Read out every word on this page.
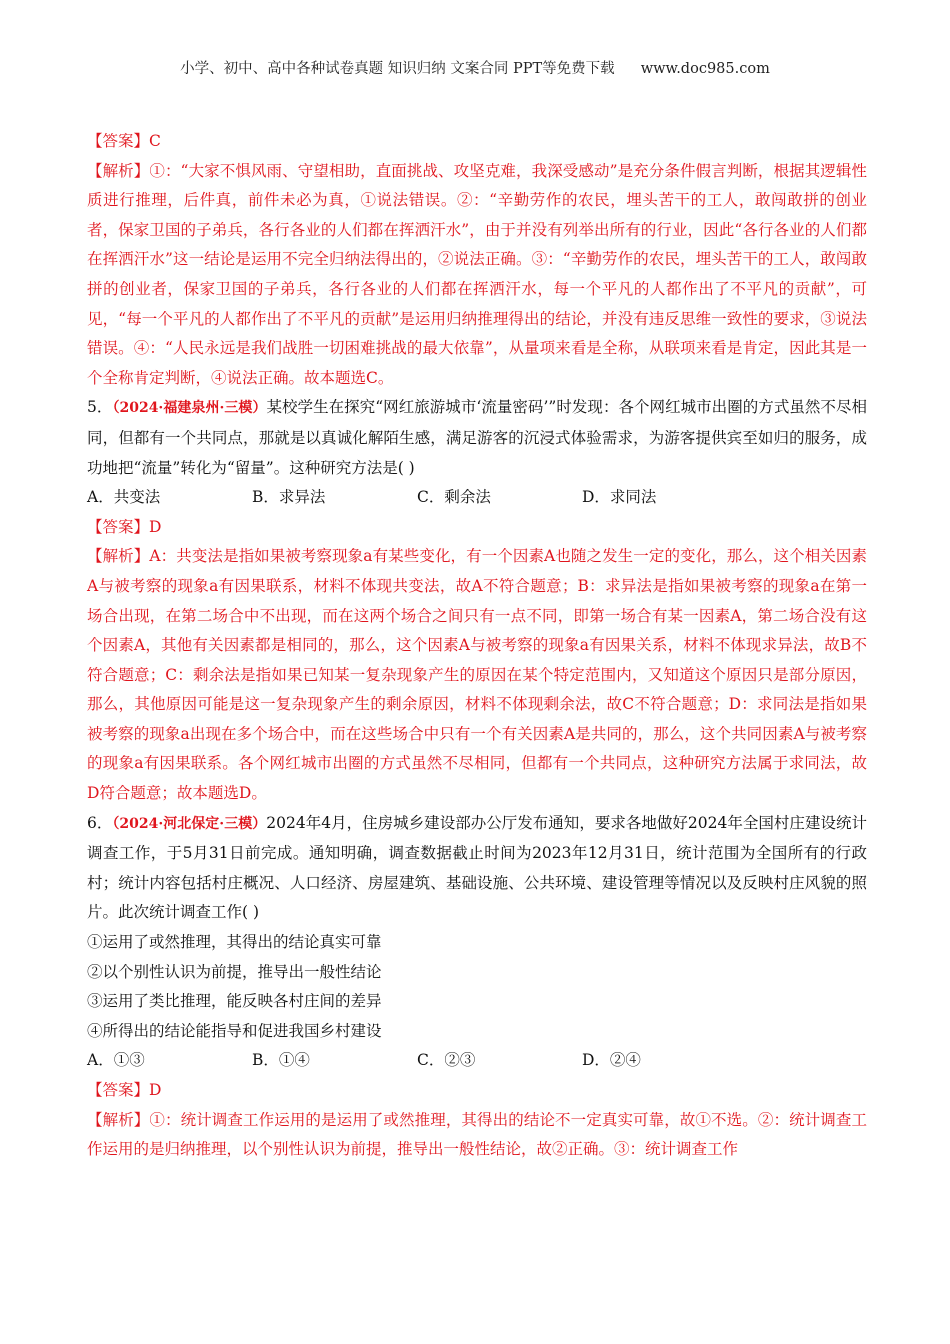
小学、初中、高中各种试卷真题 知识归纳 文案合同 PPT等免费下载 www.doc985.com

【答案】C

【解析】①：“大家不惧风雨、守望相助，直面挑战、攻坚克难，我深受感动”是充分条件假言判断，根据其逻辑性质进行推理，后件真，前件未必为真，①说法错误。②：“辛勤劳作的农民，埋头苦干的工人，敢闯敢拼的创业者，保家卫国的子弟兵，各行各业的人们都在挥洒汗水”，由于并没有列举出所有的行业，因此“各行各业的人们都在挥洒汗水”这一结论是运用不完全归纳法得出的，②说法正确。③：“辛勤劳作的农民，埋头苦干的工人，敢闯敢拼的创业者，保家卫国的子弟兵，各行各业的人们都在挥洒汗水，每一个平凡的人都作出了不平凡的贡献”，可见，“每一个平凡的人都作出了不平凡的贡献”是运用归纳推理得出的结论，并没有违反思维一致性的要求，③说法错误。④：“人民永远是我们战胜一切困难挑战的最大依靠”，从量项来看是全称，从联项来看是肯定，因此其是一个全称肯定判断，④说法正确。故本题选C。

5．（2024·福建泉州·三模）某校学生在探究“网红旅游城市‘流量密码’”时发现：各个网红城市出圈的方式虽然不尽相同，但都有一个共同点，那就是以真诚化解陌生感，满足游客的沉浸式体验需求，为游客提供宾至如归的服务，成功地把“流量”转化为“留量”。这种研究方法是( )

A．共变法	B．求异法	C．剩余法	D．求同法

【答案】D

【解析】A：共变法是指如果被考察现象a有某些变化，有一个因素A也随之发生一定的变化，那么，这个相关因素A与被考察的现象a有因果联系，材料不体现共变法，故A不符合题意；B：求异法是指如果被考察的现象a在第一场合出现，在第二场合中不出现，而在这两个场合之间只有一点不同，即第一场合有某一因素A，第二场合没有这个因素A，其他有关因素都是相同的，那么，这个因素A与被考察的现象a有因果关系，材料不体现求异法，故B不符合题意；C：剩余法是指如果已知某一复杂现象产生的原因在某个特定范围内，又知道这个原因只是部分原因，那么，其他原因可能是这一复杂现象产生的剩余原因，材料不体现剩余法，故C不符合题意；D：求同法是指如果被考察的现象a出现在多个场合中，而在这些场合中只有一个有关因素A是共同的，那么，这个共同因素A与被考察的现象a有因果联系。各个网红城市出圈的方式虽然不尽相同，但都有一个共同点，这种研究方法属于求同法，故D符合题意；故本题选D。

6．（2024·河北保定·三模）2024年4月，住房城乡建设部办公厅发布通知，要求各地做好2024年全国村庄建设统计调查工作，于5月31日前完成。通知明确，调查数据截止时间为2023年12月31日，统计范围为全国所有的行政村；统计内容包括村庄概况、人口经济、房屋建筑、基础设施、公共环境、建设管理等情况以及反映村庄风貌的照片。此次统计调查工作( )

①运用了或然推理，其得出的结论真实可靠

②以个别性认识为前提，推导出一般性结论

③运用了类比推理，能反映各村庄间的差异

④所得出的结论能指导和促进我国乡村建设

A．①③	B．①④	C．②③	D．②④

【答案】D

【解析】①：统计调查工作运用的是运用了或然推理，其得出的结论不一定真实可靠，故①不选。②：统计调查工作运用的是归纳推理，以个别性认识为前提，推导出一般性结论，故②正确。③：统计调查工作
